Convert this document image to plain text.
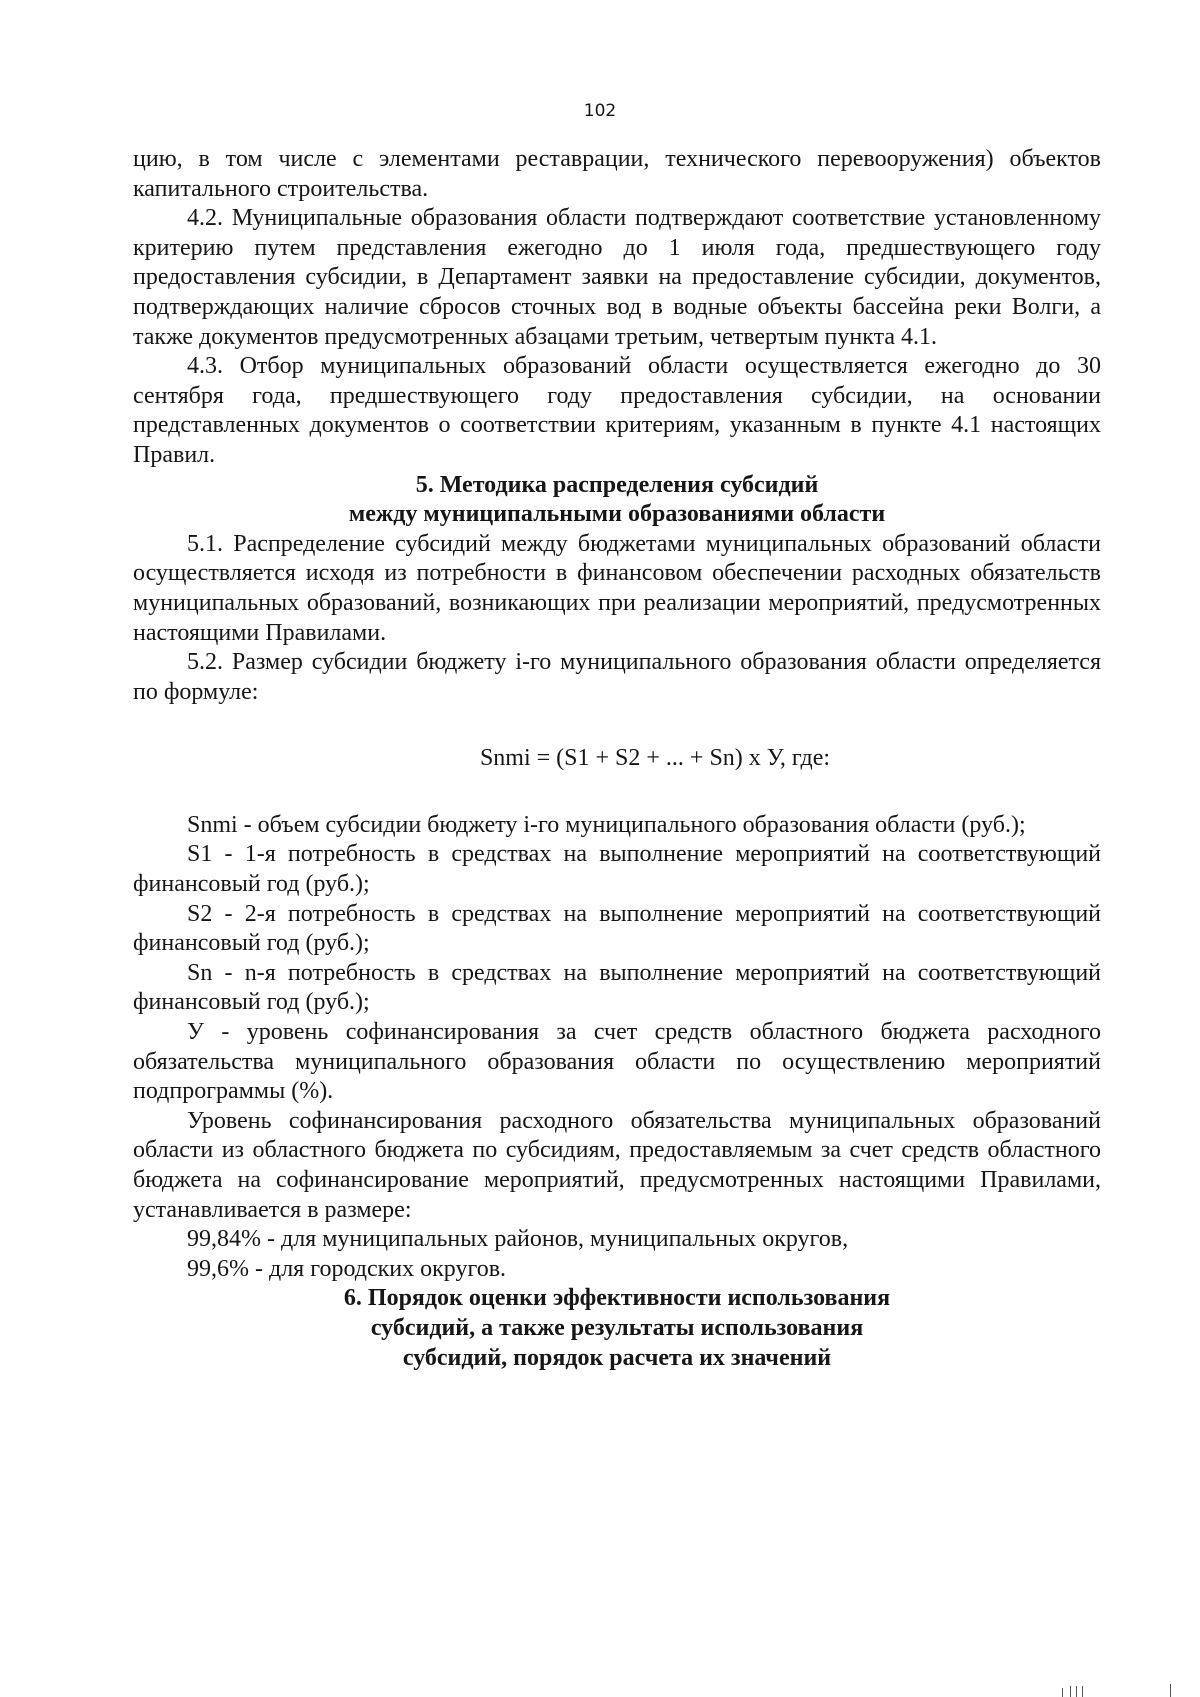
102

цию, в том числе с элементами реставрации, технического перевооружения) объектов капитального строительства.

4.2. Муниципальные образования области подтверждают соответствие установленному критерию путем представления ежегодно до 1 июля года, предшествующего году предоставления субсидии, в Департамент заявки на предоставление субсидии, документов, подтверждающих наличие сбросов сточных вод в водные объекты бассейна реки Волги, а также документов предусмотренных абзацами третьим, четвертым пункта 4.1.

4.3. Отбор муниципальных образований области осуществляется ежегодно до 30 сентября года, предшествующего году предоставления субсидии, на основании представленных документов о соответствии критериям, указанным в пункте 4.1 настоящих Правил.

5. Методика распределения субсидий
между муниципальными образованиями области

5.1. Распределение субсидий между бюджетами муниципальных образований области осуществляется исходя из потребности в финансовом обеспечении расходных обязательств муниципальных образований, возникающих при реализации мероприятий, предусмотренных настоящими Правилами.

5.2. Размер субсидии бюджету i-го муниципального образования области определяется по формуле:

Snmi = (S1 + S2 + ... + Sn) x У, где:

Snmi - объем субсидии бюджету i-го муниципального образования области (руб.);

S1 - 1-я потребность в средствах на выполнение мероприятий на соответствующий финансовый год (руб.);

S2 - 2-я потребность в средствах на выполнение мероприятий на соответствующий финансовый год (руб.);

Sn - n-я потребность в средствах на выполнение мероприятий на соответствующий финансовый год (руб.);

У - уровень софинансирования за счет средств областного бюджета расходного обязательства муниципального образования области по осуществлению мероприятий подпрограммы (%).

Уровень софинансирования расходного обязательства муниципальных образований области из областного бюджета по субсидиям, предоставляемым за счет средств областного бюджета на софинансирование мероприятий, предусмотренных настоящими Правилами, устанавливается в размере:

99,84% - для муниципальных районов, муниципальных округов,

99,6% - для городских округов.

6. Порядок оценки эффективности использования
субсидий, а также результаты использования
субсидий, порядок расчета их значений
